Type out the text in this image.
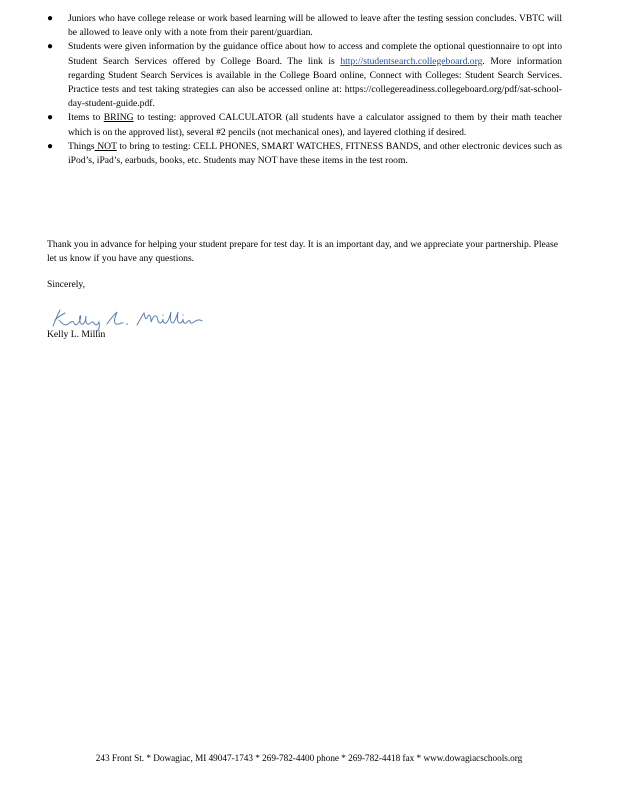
● Juniors who have college release or work based learning will be allowed to leave after the testing session concludes. VBTC will be allowed to leave only with a note from their parent/guardian.
● Students were given information by the guidance office about how to access and complete the optional questionnaire to opt into Student Search Services offered by College Board. The link is http://studentsearch.collegeboard.org. More information regarding Student Search Services is available in the College Board online, Connect with Colleges: Student Search Services. Practice tests and test taking strategies can also be accessed online at: https://collegereadiness.collegeboard.org/pdf/sat-school-day-student-guide.pdf.
● Items to BRING to testing: approved CALCULATOR (all students have a calculator assigned to them by their math teacher which is on the approved list), several #2 pencils (not mechanical ones), and layered clothing if desired.
● Things NOT to bring to testing: CELL PHONES, SMART WATCHES, FITNESS BANDS, and other electronic devices such as iPod’s, iPad’s, earbuds, books, etc. Students may NOT have these items in the test room.

Thank you in advance for helping your student prepare for test day. It is an important day, and we appreciate your partnership. Please let us know if you have any questions.

Sincerely,

Kelly L. Millin

243 Front St. * Dowagiac, MI 49047-1743 * 269-782-4400 phone * 269-782-4418 fax * www.dowagiacschools.org
